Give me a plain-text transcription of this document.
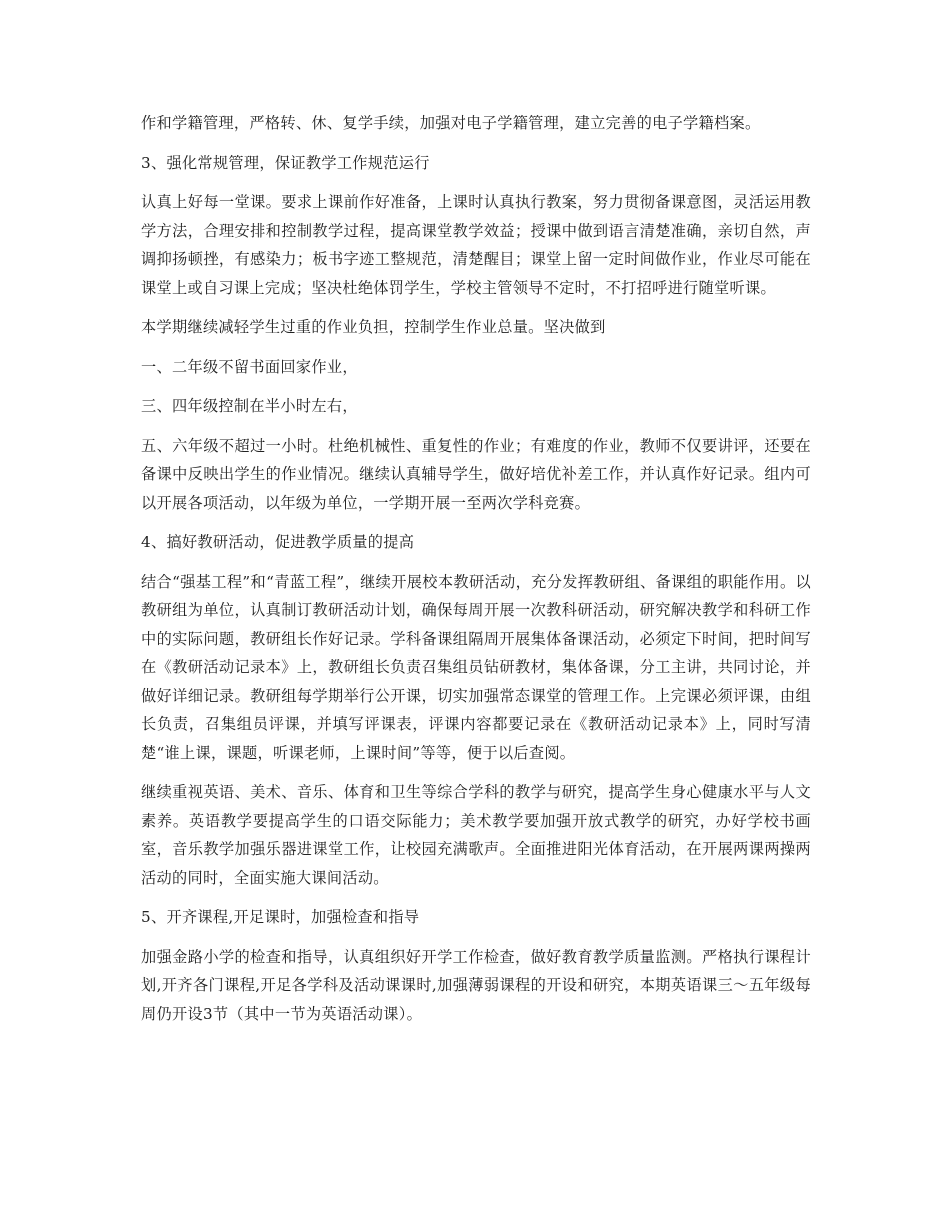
作和学籍管理，严格转、休、复学手续，加强对电子学籍管理，建立完善的电子学籍档案。

3、强化常规管理，保证教学工作规范运行

认真上好每一堂课。要求上课前作好准备，上课时认真执行教案，努力贯彻备课意图，灵活运用教学方法，合理安排和控制教学过程，提高课堂教学效益；授课中做到语言清楚准确，亲切自然，声调抑扬顿挫，有感染力；板书字迹工整规范，清楚醒目；课堂上留一定时间做作业，作业尽可能在课堂上或自习课上完成；坚决杜绝体罚学生，学校主管领导不定时，不打招呼进行随堂听课。

本学期继续减轻学生过重的作业负担，控制学生作业总量。坚决做到

一、二年级不留书面回家作业，

三、四年级控制在半小时左右，

五、六年级不超过一小时。杜绝机械性、重复性的作业；有难度的作业，教师不仅要讲评，还要在备课中反映出学生的作业情况。继续认真辅导学生，做好培优补差工作，并认真作好记录。组内可以开展各项活动，以年级为单位，一学期开展一至两次学科竞赛。

4、搞好教研活动，促进教学质量的提高

结合“强基工程”和“青蓝工程”，继续开展校本教研活动，充分发挥教研组、备课组的职能作用。以教研组为单位，认真制订教研活动计划，确保每周开展一次教科研活动，研究解决教学和科研工作中的实际问题，教研组长作好记录。学科备课组隔周开展集体备课活动，必须定下时间，把时间写在《教研活动记录本》上，教研组长负责召集组员钻研教材，集体备课，分工主讲，共同讨论，并做好详细记录。教研组每学期举行公开课，切实加强常态课堂的管理工作。上完课必须评课，由组长负责，召集组员评课，并填写评课表，评课内容都要记录在《教研活动记录本》上，同时写清楚“谁上课，课题，听课老师，上课时间”等等，便于以后查阅。

继续重视英语、美术、音乐、体育和卫生等综合学科的教学与研究，提高学生身心健康水平与人文素养。英语教学要提高学生的口语交际能力；美术教学要加强开放式教学的研究，办好学校书画室，音乐教学加强乐器进课堂工作，让校园充满歌声。全面推进阳光体育活动，在开展两课两操两活动的同时，全面实施大课间活动。

5、开齐课程,开足课时，加强检查和指导

加强金路小学的检查和指导，认真组织好开学工作检查，做好教育教学质量监测。严格执行课程计划,开齐各门课程,开足各学科及活动课课时,加强薄弱课程的开设和研究，本期英语课三～五年级每周仍开设3节（其中一节为英语活动课）。
